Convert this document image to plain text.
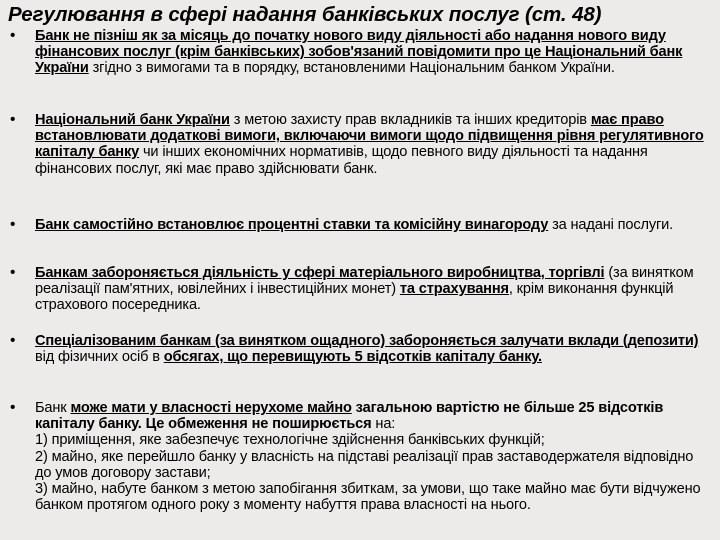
Регулювання в сфері надання банківських послуг (ст. 48)
• Банк не пізніш як за місяць до початку нового виду діяльності або надання нового виду фінансових послуг (крім банківських) зобов'язаний повідомити про це Національний банк України згідно з вимогами та в порядку, встановленими Національним банком України.
• Національний банк України з метою захисту прав вкладників та інших кредиторів має право встановлювати додаткові вимоги, включаючи вимоги щодо підвищення рівня регулятивного капіталу банку чи інших економічних нормативів, щодо певного виду діяльності та надання фінансових послуг, які має право здійснювати банк.
• Банк самостійно встановлює процентні ставки та комісійну винагороду за надані послуги.
• Банкам забороняється діяльність у сфері матеріального виробництва, торгівлі (за винятком реалізації пам'ятних, ювілейних і інвестиційних монет) та страхування, крім виконання функцій страхового посередника.
• Спеціалізованим банкам (за винятком ощадного) забороняється залучати вклади (депозити) від фізичних осіб в обсягах, що перевищують 5 відсотків капіталу банку.
• Банк може мати у власності нерухоме майно загальною вартістю не більше 25 відсотків капіталу банку. Це обмеження не поширюється на:
1) приміщення, яке забезпечує технологічне здійснення банківських функцій;
2) майно, яке перейшло банку у власність на підставі реалізації прав заставодержателя відповідно до умов договору застави;
3) майно, набуте банком з метою запобігання збиткам, за умови, що таке майно має бути відчужено банком протягом одного року з моменту набуття права власності на нього.
